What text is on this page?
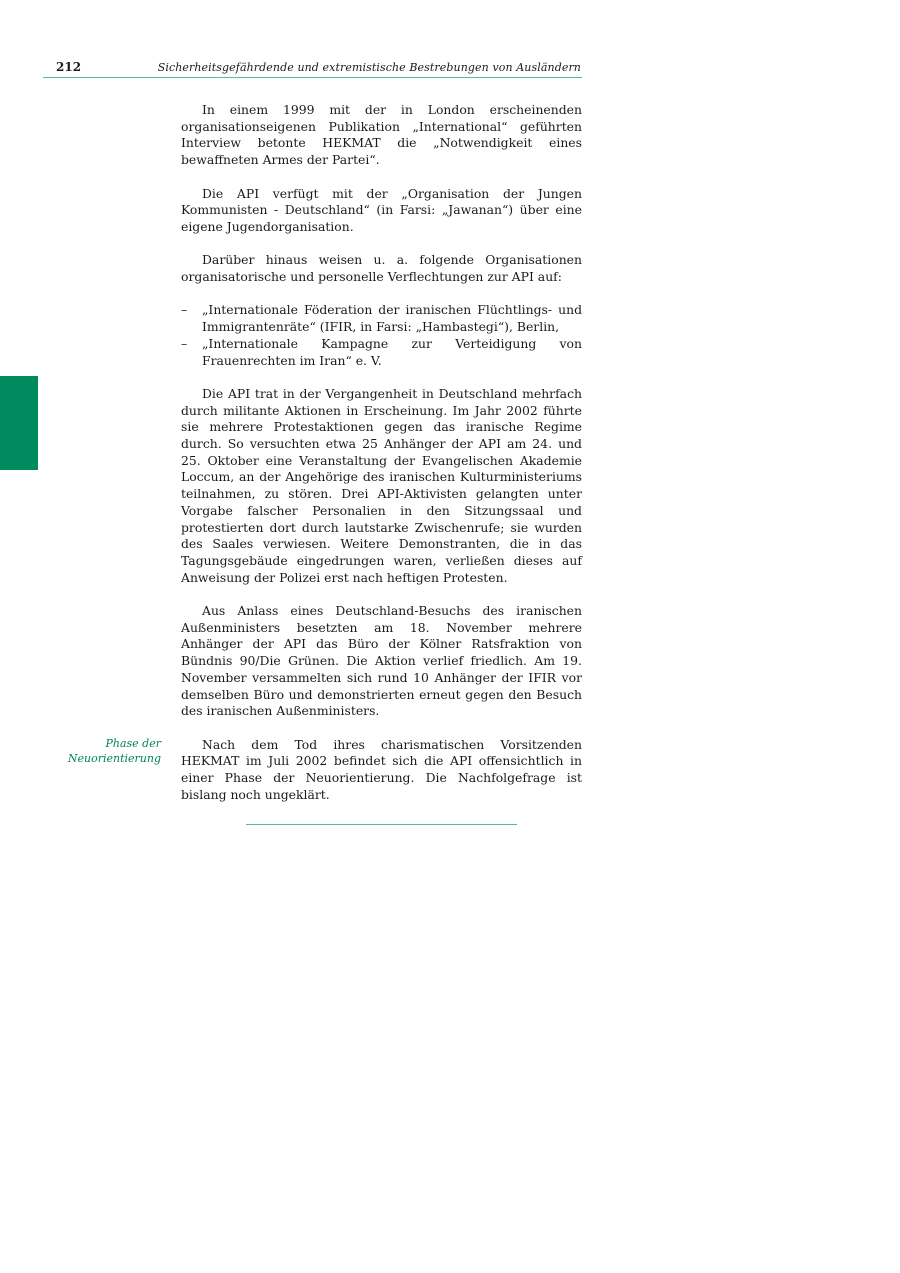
212	Sicherheitsgefährdende und extremistische Bestrebungen von Ausländern
Phase der
Neuorientierung

In einem 1999 mit der in London erscheinenden organisationseigenen Publikation „International“ geführten Interview betonte HEKMAT die „Notwendigkeit eines bewaffneten Armes der Partei“.

Die API verfügt mit der „Organisation der Jungen Kommunisten - Deutschland“ (in Farsi: „Jawanan“) über eine eigene Jugendorganisation.

Darüber hinaus weisen u. a. folgende Organisationen organisatorische und personelle Verflechtungen zur API auf:

– „Internationale Föderation der iranischen Flüchtlings- und Immigrantenräte“ (IFIR, in Farsi: „Hambastegi“), Berlin,
– „Internationale Kampagne zur Verteidigung von Frauenrechten im Iran“ e. V.

Die API trat in der Vergangenheit in Deutschland mehrfach durch militante Aktionen in Erscheinung. Im Jahr 2002 führte sie mehrere Protestaktionen gegen das iranische Regime durch. So versuchten etwa 25 Anhänger der API am 24. und 25. Oktober eine Veranstaltung der Evangelischen Akademie Loccum, an der Angehörige des iranischen Kulturministeriums teilnahmen, zu stören. Drei API-Aktivisten gelangten unter Vorgabe falscher Personalien in den Sitzungssaal und protestierten dort durch lautstarke Zwischenrufe; sie wurden des Saales verwiesen. Weitere Demonstranten, die in das Tagungsgebäude eingedrungen waren, verließen dieses auf Anweisung der Polizei erst nach heftigen Protesten.

Aus Anlass eines Deutschland-Besuchs des iranischen Außenministers besetzten am 18. November mehrere Anhänger der API das Büro der Kölner Ratsfraktion von Bündnis 90/Die Grünen. Die Aktion verlief friedlich. Am 19. November versammelten sich rund 10 Anhänger der IFIR vor demselben Büro und demonstrierten erneut gegen den Besuch des iranischen Außenministers.

Nach dem Tod ihres charismatischen Vorsitzenden HEKMAT im Juli 2002 befindet sich die API offensichtlich in einer Phase der Neuorientierung. Die Nachfolgefrage ist bislang noch ungeklärt.
